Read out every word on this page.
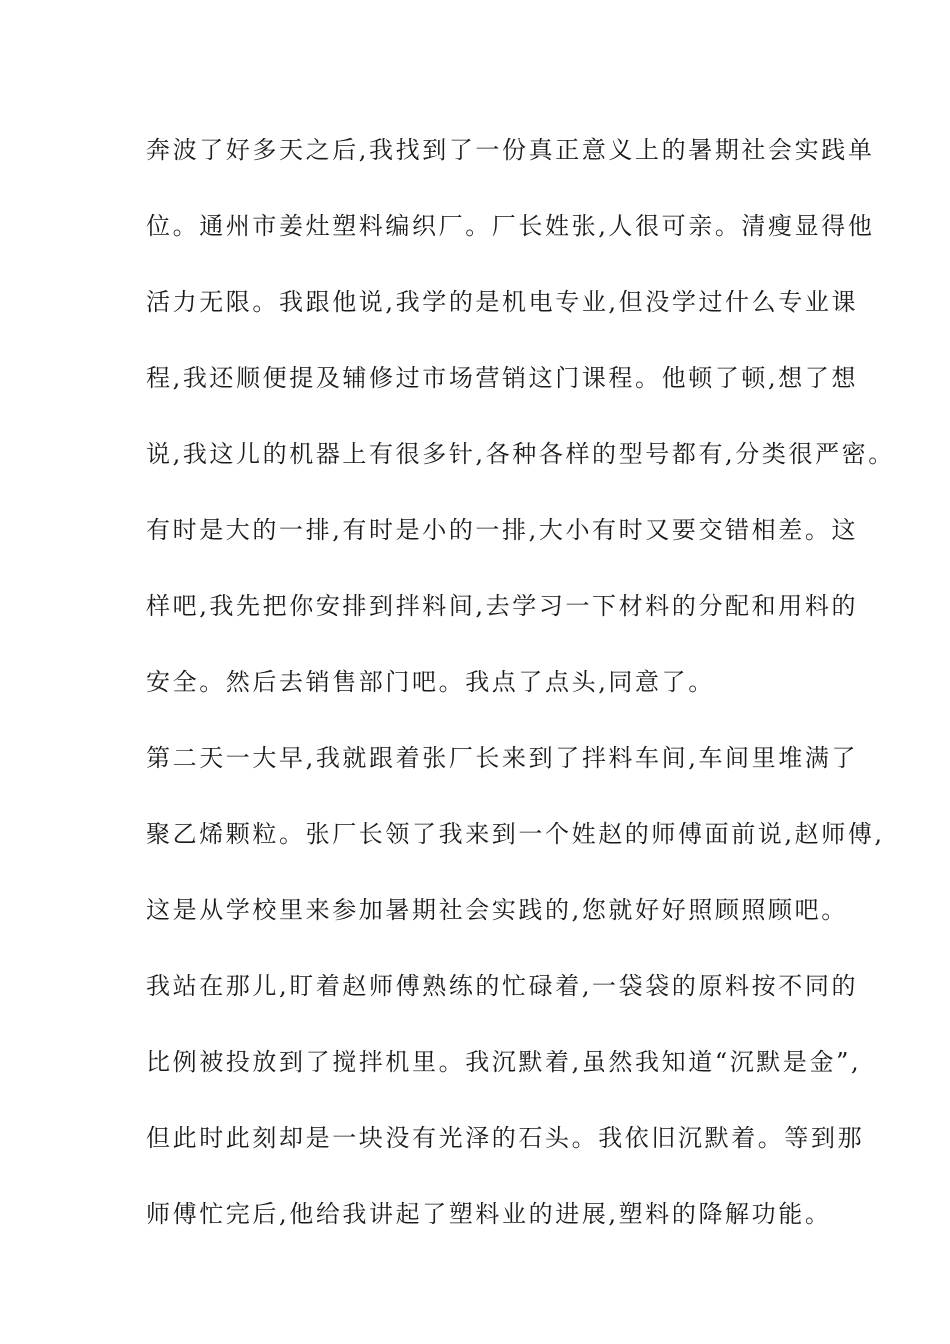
奔波了好多天之后,我找到了一份真正意义上的暑期社会实践单
位。通州市姜灶塑料编织厂。厂长姓张,人很可亲。清瘦显得他
活力无限。我跟他说,我学的是机电专业,但没学过什么专业课
程,我还顺便提及辅修过市场营销这门课程。他顿了顿,想了想
说,我这儿的机器上有很多针,各种各样的型号都有,分类很严密。
有时是大的一排,有时是小的一排,大小有时又要交错相差。这
样吧,我先把你安排到拌料间,去学习一下材料的分配和用料的
安全。然后去销售部门吧。我点了点头,同意了。
第二天一大早,我就跟着张厂长来到了拌料车间,车间里堆满了
聚乙烯颗粒。张厂长领了我来到一个姓赵的师傅面前说,赵师傅,
这是从学校里来参加暑期社会实践的,您就好好照顾照顾吧。
我站在那儿,盯着赵师傅熟练的忙碌着,一袋袋的原料按不同的
比例被投放到了搅拌机里。我沉默着,虽然我知道“沉默是金”,
但此时此刻却是一块没有光泽的石头。我依旧沉默着。等到那
师傅忙完后,他给我讲起了塑料业的进展,塑料的降解功能。
